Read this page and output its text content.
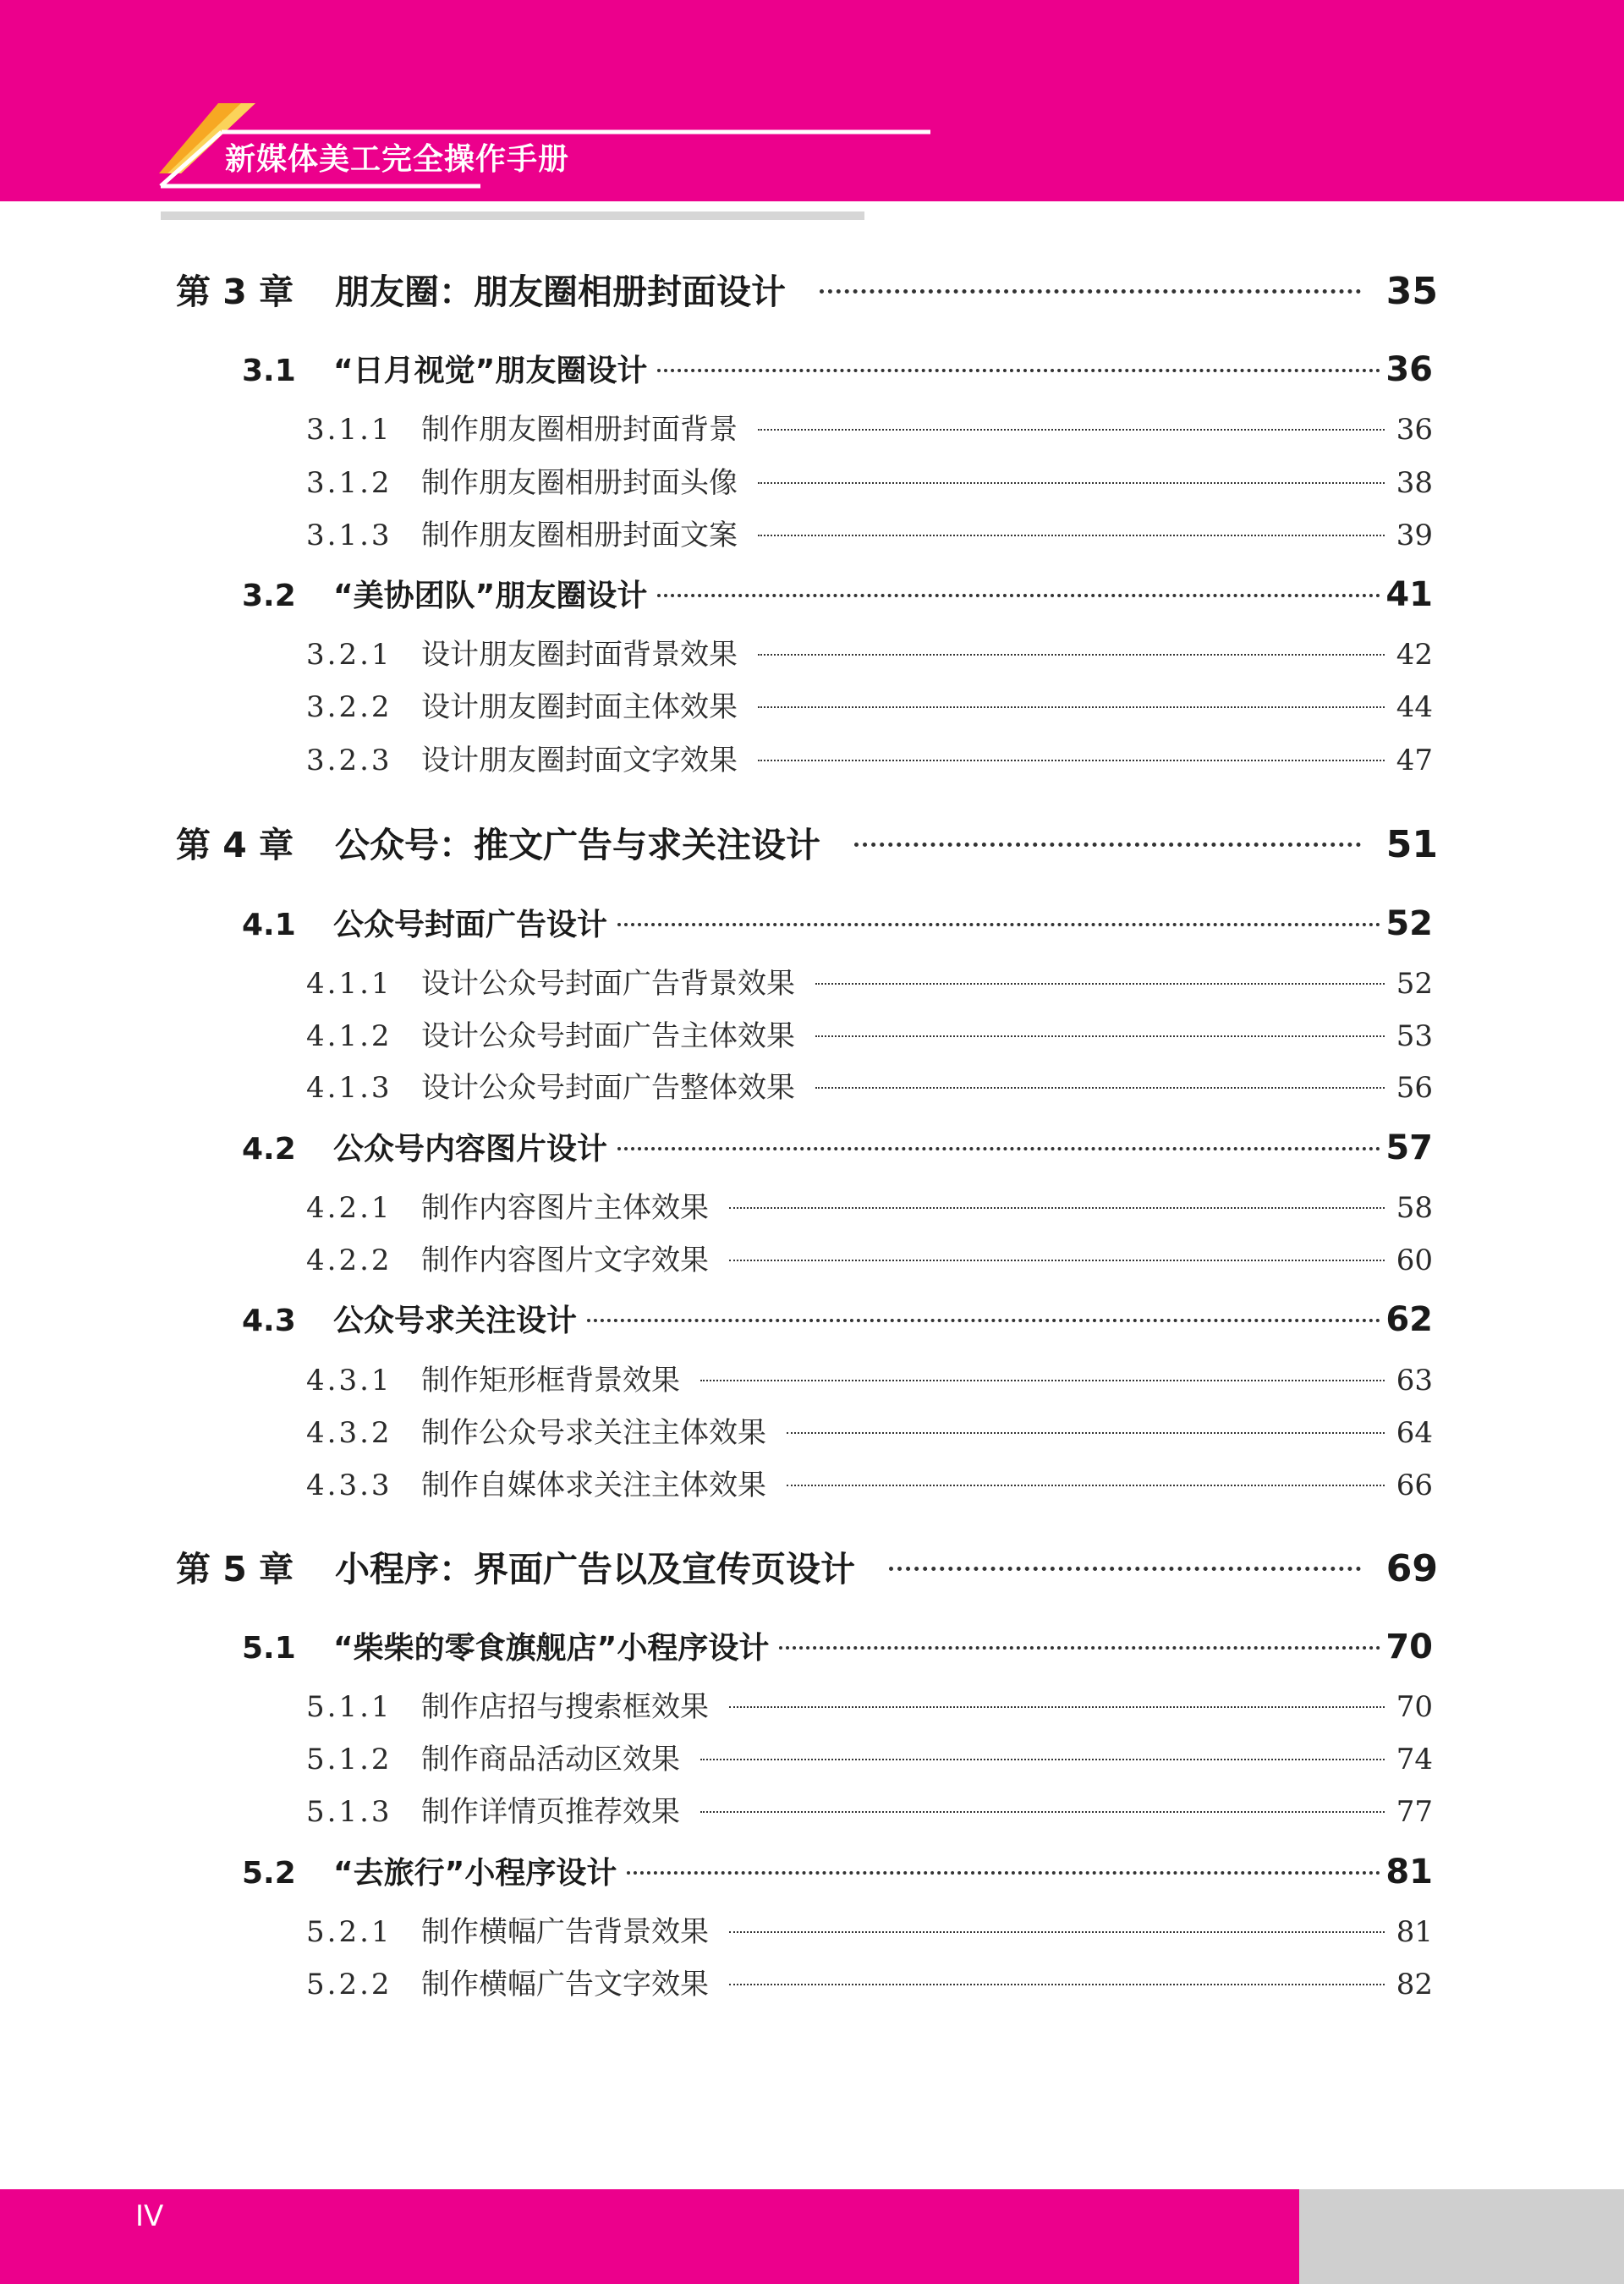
新媒体美工完全操作手册
第 3 章	朋友圈：朋友圈相册封面设计	35
3.1	“日月视觉”朋友圈设计	36
3.1.1	制作朋友圈相册封面背景	36
3.1.2	制作朋友圈相册封面头像	38
3.1.3	制作朋友圈相册封面文案	39
3.2	“美协团队”朋友圈设计	41
3.2.1	设计朋友圈封面背景效果	42
3.2.2	设计朋友圈封面主体效果	44
3.2.3	设计朋友圈封面文字效果	47
第 4 章	公众号：推文广告与求关注设计	51
4.1	公众号封面广告设计	52
4.1.1	设计公众号封面广告背景效果	52
4.1.2	设计公众号封面广告主体效果	53
4.1.3	设计公众号封面广告整体效果	56
4.2	公众号内容图片设计	57
4.2.1	制作内容图片主体效果	58
4.2.2	制作内容图片文字效果	60
4.3	公众号求关注设计	62
4.3.1	制作矩形框背景效果	63
4.3.2	制作公众号求关注主体效果	64
4.3.3	制作自媒体求关注主体效果	66
第 5 章	小程序：界面广告以及宣传页设计	69
5.1	“柴柴的零食旗舰店”小程序设计	70
5.1.1	制作店招与搜索框效果	70
5.1.2	制作商品活动区效果	74
5.1.3	制作详情页推荐效果	77
5.2	“去旅行”小程序设计	81
5.2.1	制作横幅广告背景效果	81
5.2.2	制作横幅广告文字效果	82
IV
